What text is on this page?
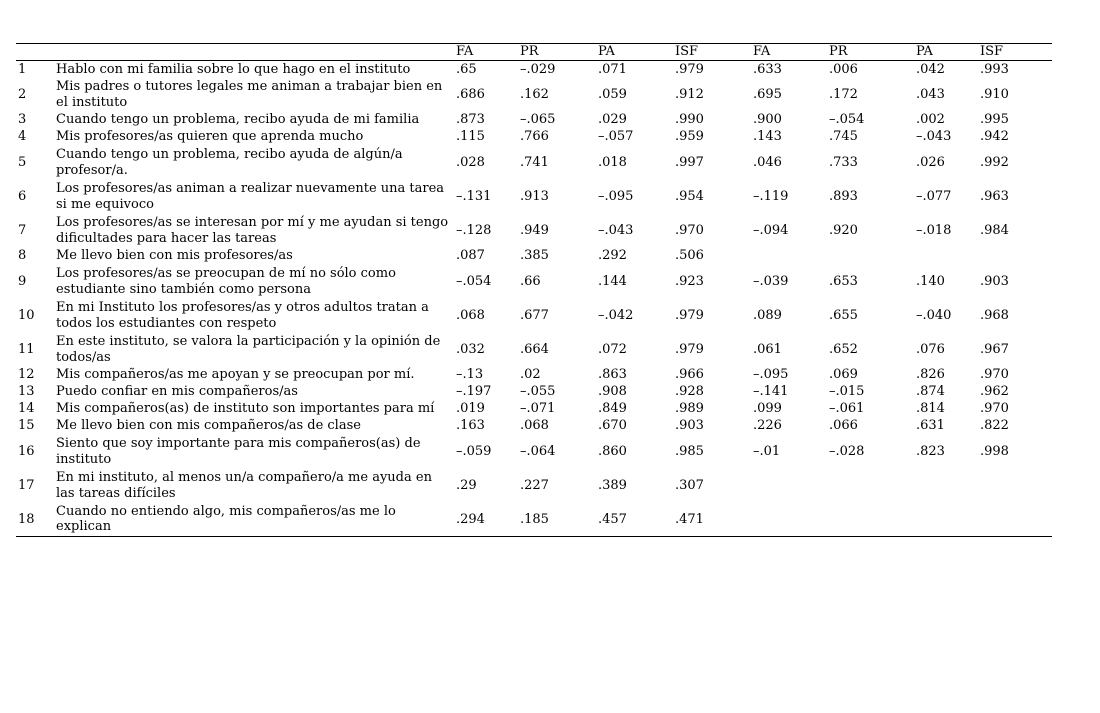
		FA	PR	PA	ISF	FA	PR	PA	ISF
1	Hablo con mi familia sobre lo que hago en el instituto	.65	–.029	.071	.979	.633	.006	.042	.993
2	Mis padres o tutores legales me animan a trabajar bien en el instituto	.686	.162	.059	.912	.695	.172	.043	.910
3	Cuando tengo un problema, recibo ayuda de mi familia	.873	–.065	.029	.990	.900	–.054	.002	.995
4	Mis profesores/as quieren que aprenda mucho	.115	.766	–.057	.959	.143	.745	–.043	.942
5	Cuando tengo un problema, recibo ayuda de algún/a profesor/a.	.028	.741	.018	.997	.046	.733	.026	.992
6	Los profesores/as animan a realizar nuevamente una tarea si me equivoco	–.131	.913	–.095	.954	–.119	.893	–.077	.963
7	Los profesores/as se interesan por mí y me ayudan si tengo dificultades para hacer las tareas	–.128	.949	–.043	.970	–.094	.920	–.018	.984
8	Me llevo bien con mis profesores/as	.087	.385	.292	.506				
9	Los profesores/as se preocupan de mí no sólo como estudiante sino también como persona	–.054	.66	.144	.923	–.039	.653	.140	.903
10	En mi Instituto los profesores/as y otros adultos tratan a todos los estudiantes con respeto	.068	.677	–.042	.979	.089	.655	–.040	.968
11	En este instituto, se valora la participación y la opinión de todos/as	.032	.664	.072	.979	.061	.652	.076	.967
12	Mis compañeros/as me apoyan y se preocupan por mí.	–.13	.02	.863	.966	–.095	.069	.826	.970
13	Puedo confiar en mis compañeros/as	–.197	–.055	.908	.928	–.141	–.015	.874	.962
14	Mis compañeros(as) de instituto son importantes para mí	.019	–.071	.849	.989	.099	–.061	.814	.970
15	Me llevo bien con mis compañeros/as de clase	.163	.068	.670	.903	.226	.066	.631	.822
16	Siento que soy importante para mis compañeros(as) de instituto	–.059	–.064	.860	.985	–.01	–.028	.823	.998
17	En mi instituto, al menos un/a compañero/a me ayuda en las tareas difíciles	.29	.227	.389	.307				
18	Cuando no entiendo algo, mis compañeros/as me lo explican	.294	.185	.457	.471				
